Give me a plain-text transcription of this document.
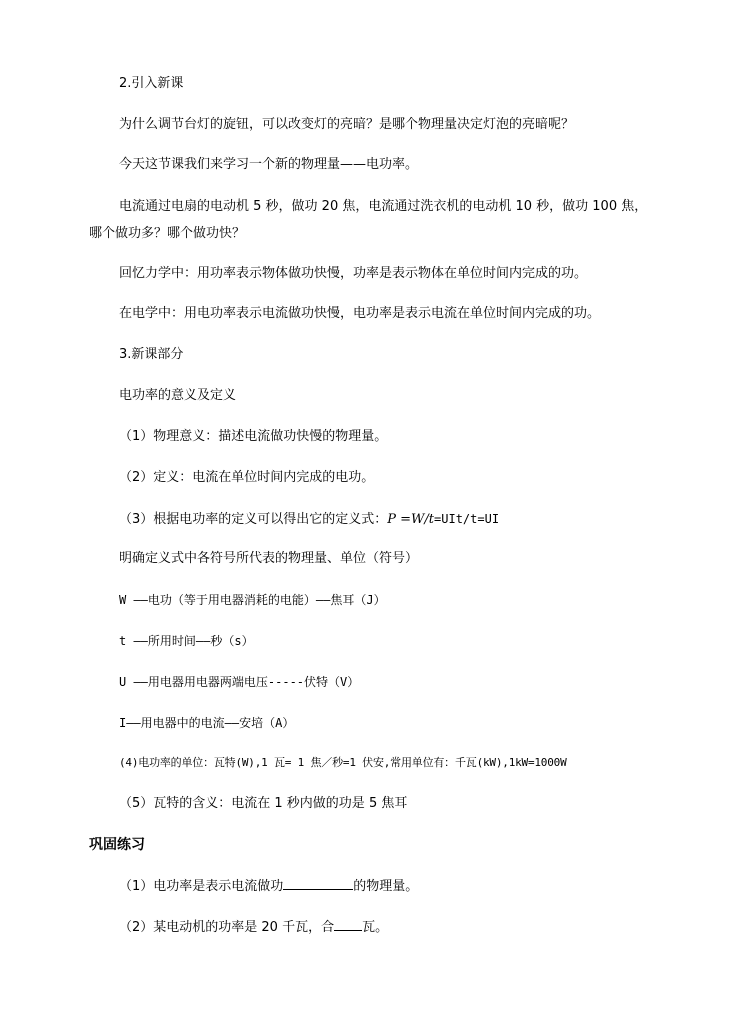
2.引入新课
为什么调节台灯的旋钮，可以改变灯的亮暗？是哪个物理量决定灯泡的亮暗呢？
今天这节课我们来学习一个新的物理量——电功率。
电流通过电扇的电动机 5 秒，做功 20 焦，电流通过洗衣机的电动机 10 秒，做功 100 焦，
哪个做功多？哪个做功快？
回忆力学中：用功率表示物体做功快慢，功率是表示物体在单位时间内完成的功。
在电学中：用电功率表示电流做功快慢，电功率是表示电流在单位时间内完成的功。
3.新课部分
电功率的意义及定义
（1）物理意义：描述电流做功快慢的物理量。
（2）定义：电流在单位时间内完成的电功。
（3）根据电功率的定义可以得出它的定义式：P =W/t=UIt/t=UI
明确定义式中各符号所代表的物理量、单位（符号）
W ——电功（等于用电器消耗的电能）——焦耳（J）
t ——所用时间——秒（s）
U ——用电器用电器两端电压-----伏特（V）
I——用电器中的电流——安培（A）
(4)电功率的单位：瓦特(W),1 瓦= 1 焦／秒=1 伏安,常用单位有：千瓦(kW),1kW=1000W
（5）瓦特的含义：电流在 1 秒内做的功是 5 焦耳
巩固练习
（1）电功率是表示电流做功	的物理量。
（2）某电动机的功率是 20 千瓦，合 瓦。
